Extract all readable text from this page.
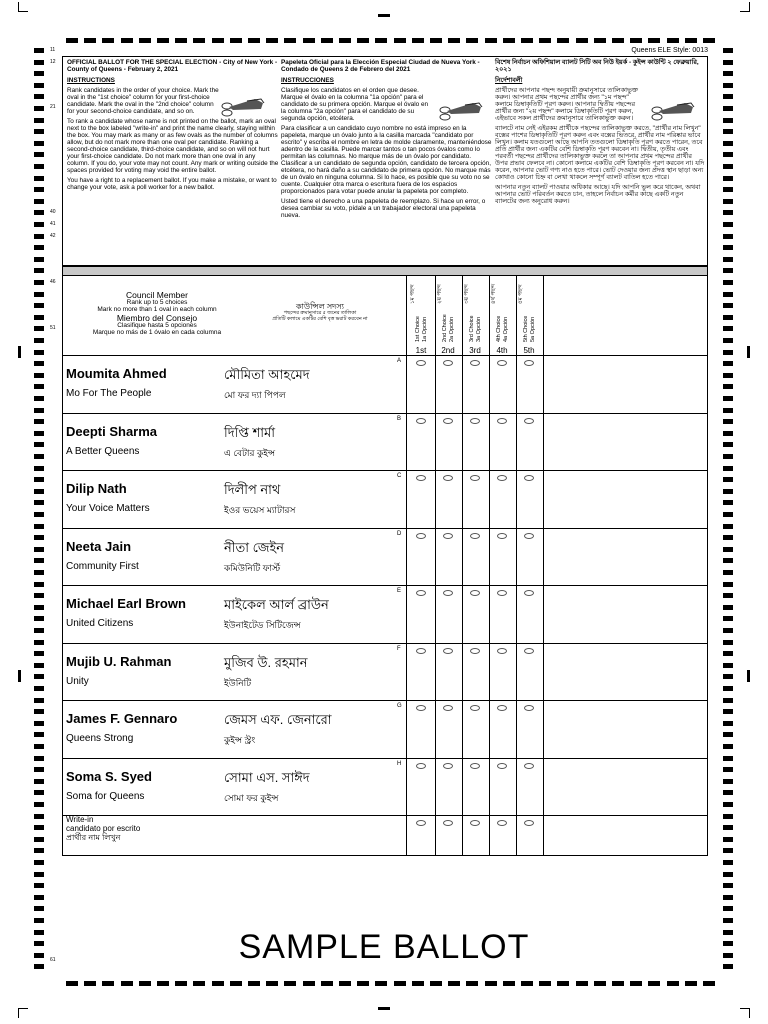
11
12
21
40
41
42
46
51
61
Queens ELE Style: 0013
OFFICIAL BALLOT FOR THE SPECIAL ELECTION - City of New York - County of Queens - February 2, 2021
INSTRUCTIONS

Rank candidates in the order of your choice. Mark the oval in the "1st choice" column for your first-choice candidate. Mark the oval in the "2nd choice" column for your second-choice candidate, and so on.

To rank a candidate whose name is not printed on the ballot, mark an oval next to the box labeled "write-in" and print the name clearly, staying within the box. You may mark as many or as few ovals as the number of columns allow, but do not mark more than one oval per candidate. Ranking a second-choice candidate, third-choice candidate, and so on will not hurt your first-choice candidate. Do not mark more than one oval in any column. If you do, your vote may not count. Any mark or writing outside the spaces provided for voting may void the entire ballot.

You have a right to a replacement ballot. If you make a mistake, or want to change your vote, ask a poll worker for a new ballot.

Papeleta Oficial para la Elección Especial Ciudad de Nueva York - Condado de Queens 2 de Febrero del 2021
INSTRUCCIONES

Clasifique los candidatos en el orden que desee. Marque el óvalo en la columna "1a opción" para el candidato de su primera opción. Marque el óvalo en la columna "2a opción" para el candidato de su segunda opción, etcétera.

Para clasificar a un candidato cuyo nombre no está impreso en la papeleta, marque un óvalo junto a la casilla marcada "candidato por escrito" y escriba el nombre en letra de molde claramente, manteniéndose adentro de la casilla. Puede marcar tantos o tan pocos óvalos como lo permitan las columnas. No marque más de un óvalo por candidato. Clasificar a un candidato de segunda opción, candidato de tercera opción, etcétera, no hará daño a su candidato de primera opción. No marque más de un óvalo en ninguna columna. Si lo hace, es posible que su voto no se cuente. Cualquier otra marca o escritura fuera de los espacios proporcionados para votar puede anular la papeleta por completo.

Usted tiene el derecho a una papeleta de reemplazo. Si hace un error, o desea cambiar su voto, pídale a un trabajador electoral una papeleta nueva.

বিশেষ নির্বাচন অফিশিয়াল ব্যালট সিটি অব নিউ ইয়র্ক - কুইন্স কাউন্টি ২ ফেব্রুয়ারি, ২০২১
নির্দেশাবলী

প্রার্থীদের আপনার পছন্দ অনুযায়ী ক্রমানুসারে তালিকাভুক্ত করুন। আপনার প্রথম পছন্দের প্রার্থীর জন্য "১ম পছন্দ" কলামে ডিম্বাকৃতিটি পূরণ করুন। আপনার দ্বিতীয় পছন্দের প্রার্থীর জন্য "২য় পছন্দ" কলামে ডিম্বাকৃতিটি পূরণ করুন, এইভাবে সকল প্রার্থীদের ক্রমানুসারে তালিকাভুক্ত করুন।

ব্যালটে নাম নেই এইরকম প্রার্থীকে পছন্দের তালিকাভুক্ত করতে, "প্রার্থীর নাম লিখুন" বক্সের পাশের ডিম্বাকৃতিটি পূরণ করুন এবং বক্সের ভিতরে, প্রার্থীর নাম পরিষ্কার ভাবে লিখুন। কলাম যতগুলো আছে আপনি ততগুলো ডিম্বাকৃতি পূরণ করতে পারেন, তবে প্রতি প্রার্থীর জন্য একটির বেশি ডিম্বাকৃতি পূরণ করবেন না। দ্বিতীয়, তৃতীয় এবং পরবর্তী পছন্দের প্রার্থীদের তালিকাভুক্ত করলে তা আপনার প্রথম পছন্দের প্রার্থীর উপর প্রভাব ফেলবে না। কোনো কলামে একটির বেশি ডিম্বাকৃতি পূরণ করবেন না। যদি করেন, আপনার ভোট গণ্য নাও হতে পারে। ভোট দেওয়ার জন্য প্রদত্ত স্থান ছাড়া অন্য কোথাও কোনো চিহ্ন বা লেখা থাকলে সম্পূর্ণ ব্যালট বাতিল হতে পারে।

আপনার নতুন ব্যালট পাওয়ার অধিকার আছে। যদি আপনি ভুল করে থাকেন, অথবা আপনার ভোট পরিবর্তন করতে চান, তাহলে নির্বাচন কর্মীর কাছে একটি নতুন ব্যালটের জন্য অনুরোধ করুন।

Council Member
Rank up to 5 choices
Mark no more than 1 oval in each column
Miembro del Consejo
Clasifique hasta 5 opciones
Marque no más de 1 óvalo en cada columna
কাউন্সিল সদস্য
পছন্দের ক্রমানুসারে ৫ জনের তালিকা
প্রতিটি কলামে একটির বেশি বৃত্ত ভরাট করবেন না
১ম পছন্দ
1st Choice
1a Opción
1st
২য় পছন্দ
2nd Choice
2a Opción
2nd
৩য় পছন্দ
3rd Choice
3a Opción
3rd
৪র্থ পছন্দ
4th Choice
4a Opción
4th
৫ম পছন্দ
5th Choice
5a Opción
5th
A
Moumita Ahmed
Mo For The People
মৌমিতা আহমেদ
মো ফর দ্যা পিপল
B
Deepti Sharma
A Better Queens
দিপ্তি শার্মা
এ বেটার কুইন্স
C
Dilip Nath
Your Voice Matters
দিলীপ নাথ
ইওর ভয়েস ম্যাটারস
D
Neeta Jain
Community First
নীতা জেইন
কমিউনিটি ফার্স্ট
E
Michael Earl Brown
United Citizens
মাইকেল আর্ল ব্রাউন
ইউনাইটেড সিটিজেন্স
F
Mujib U. Rahman
Unity
মুজিব উ. রহমান
ইউনিটি
G
James F. Gennaro
Queens Strong
জেমস এফ. জেনারো
কুইন্স স্ট্রং
H
Soma S. Syed
Soma for Queens
সোমা এস. সাঈদ
সোমা ফর কুইন্স
Write-in
candidato por escrito
প্রার্থীর নাম লিখুন
SAMPLE BALLOT
